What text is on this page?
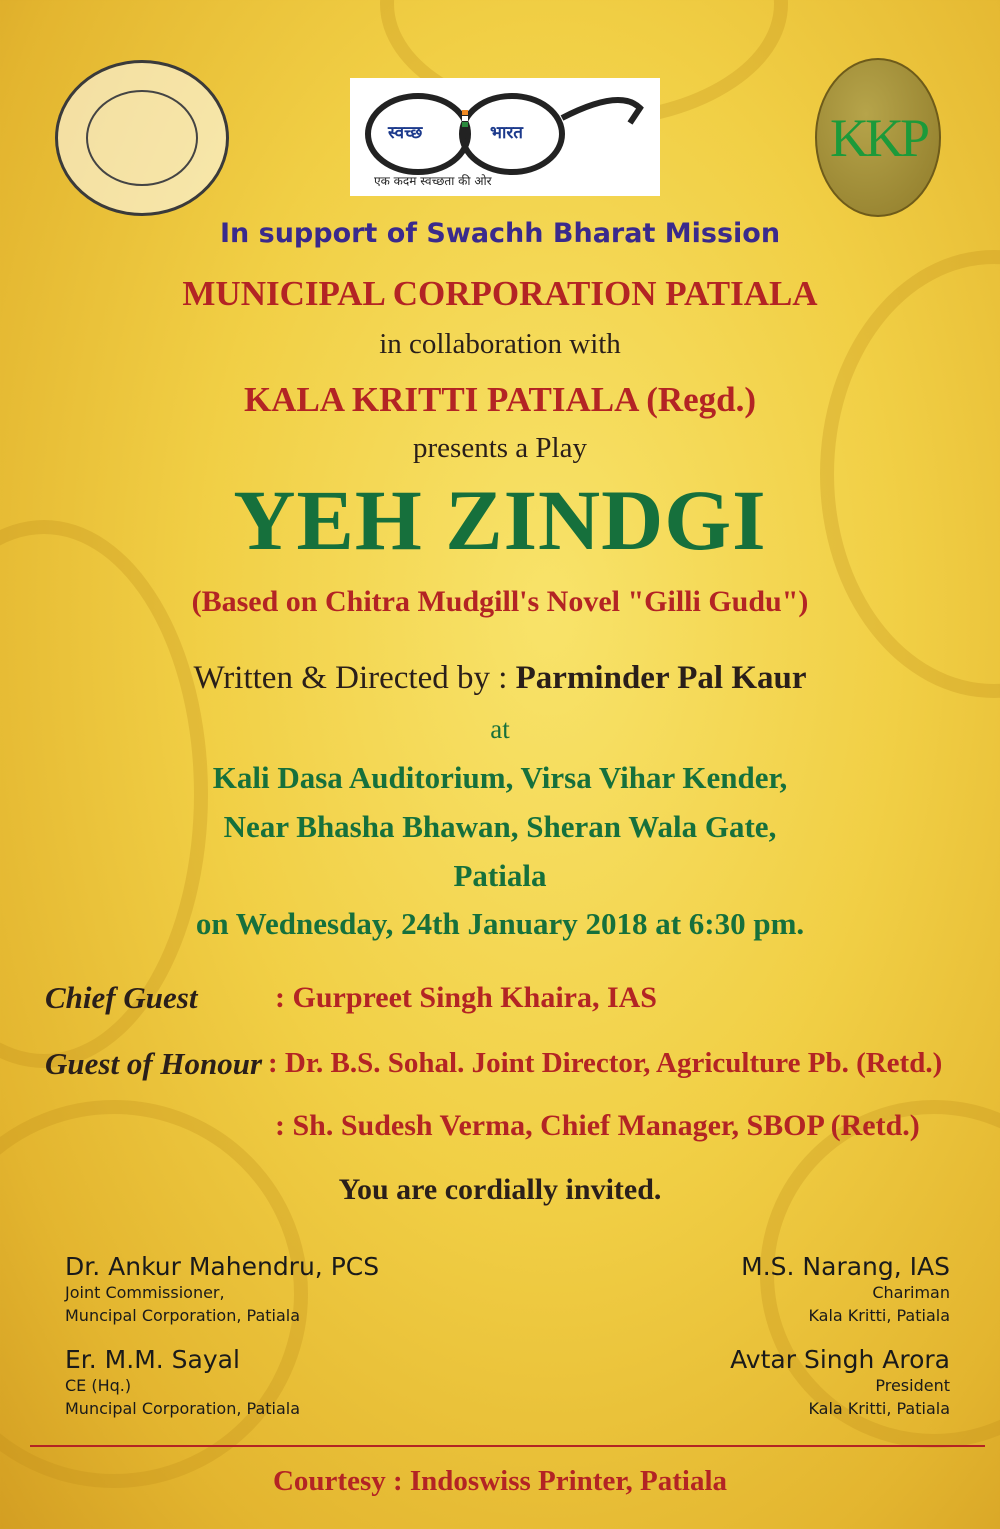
स्वच्छ	भारत
एक कदम स्वच्छता की ओर
KKP
In support of Swachh Bharat Mission
MUNICIPAL CORPORATION PATIALA
in collaboration with
KALA KRITTI PATIALA (Regd.)
presents a Play
YEH ZINDGI
(Based on Chitra Mudgill's Novel "Gilli Gudu")
Written & Directed by : Parminder Pal Kaur
at
Kali Dasa Auditorium, Virsa Vihar Kender,
Near Bhasha Bhawan, Sheran Wala Gate,
Patiala
on Wednesday, 24th January 2018 at 6:30 pm.
Chief Guest	: Gurpreet Singh Khaira, IAS
Guest of Honour : Dr. B.S. Sohal. Joint Director, Agriculture Pb. (Retd.)
: Sh. Sudesh Verma, Chief Manager, SBOP (Retd.)
You are cordially invited.
Dr. Ankur Mahendru, PCS
Joint Commissioner,
Muncipal Corporation, Patiala
Er. M.M. Sayal
CE (Hq.)
Muncipal Corporation, Patiala
M.S. Narang, IAS
Chariman
Kala Kritti, Patiala
Avtar Singh Arora
President
Kala Kritti, Patiala
Courtesy : Indoswiss Printer, Patiala
